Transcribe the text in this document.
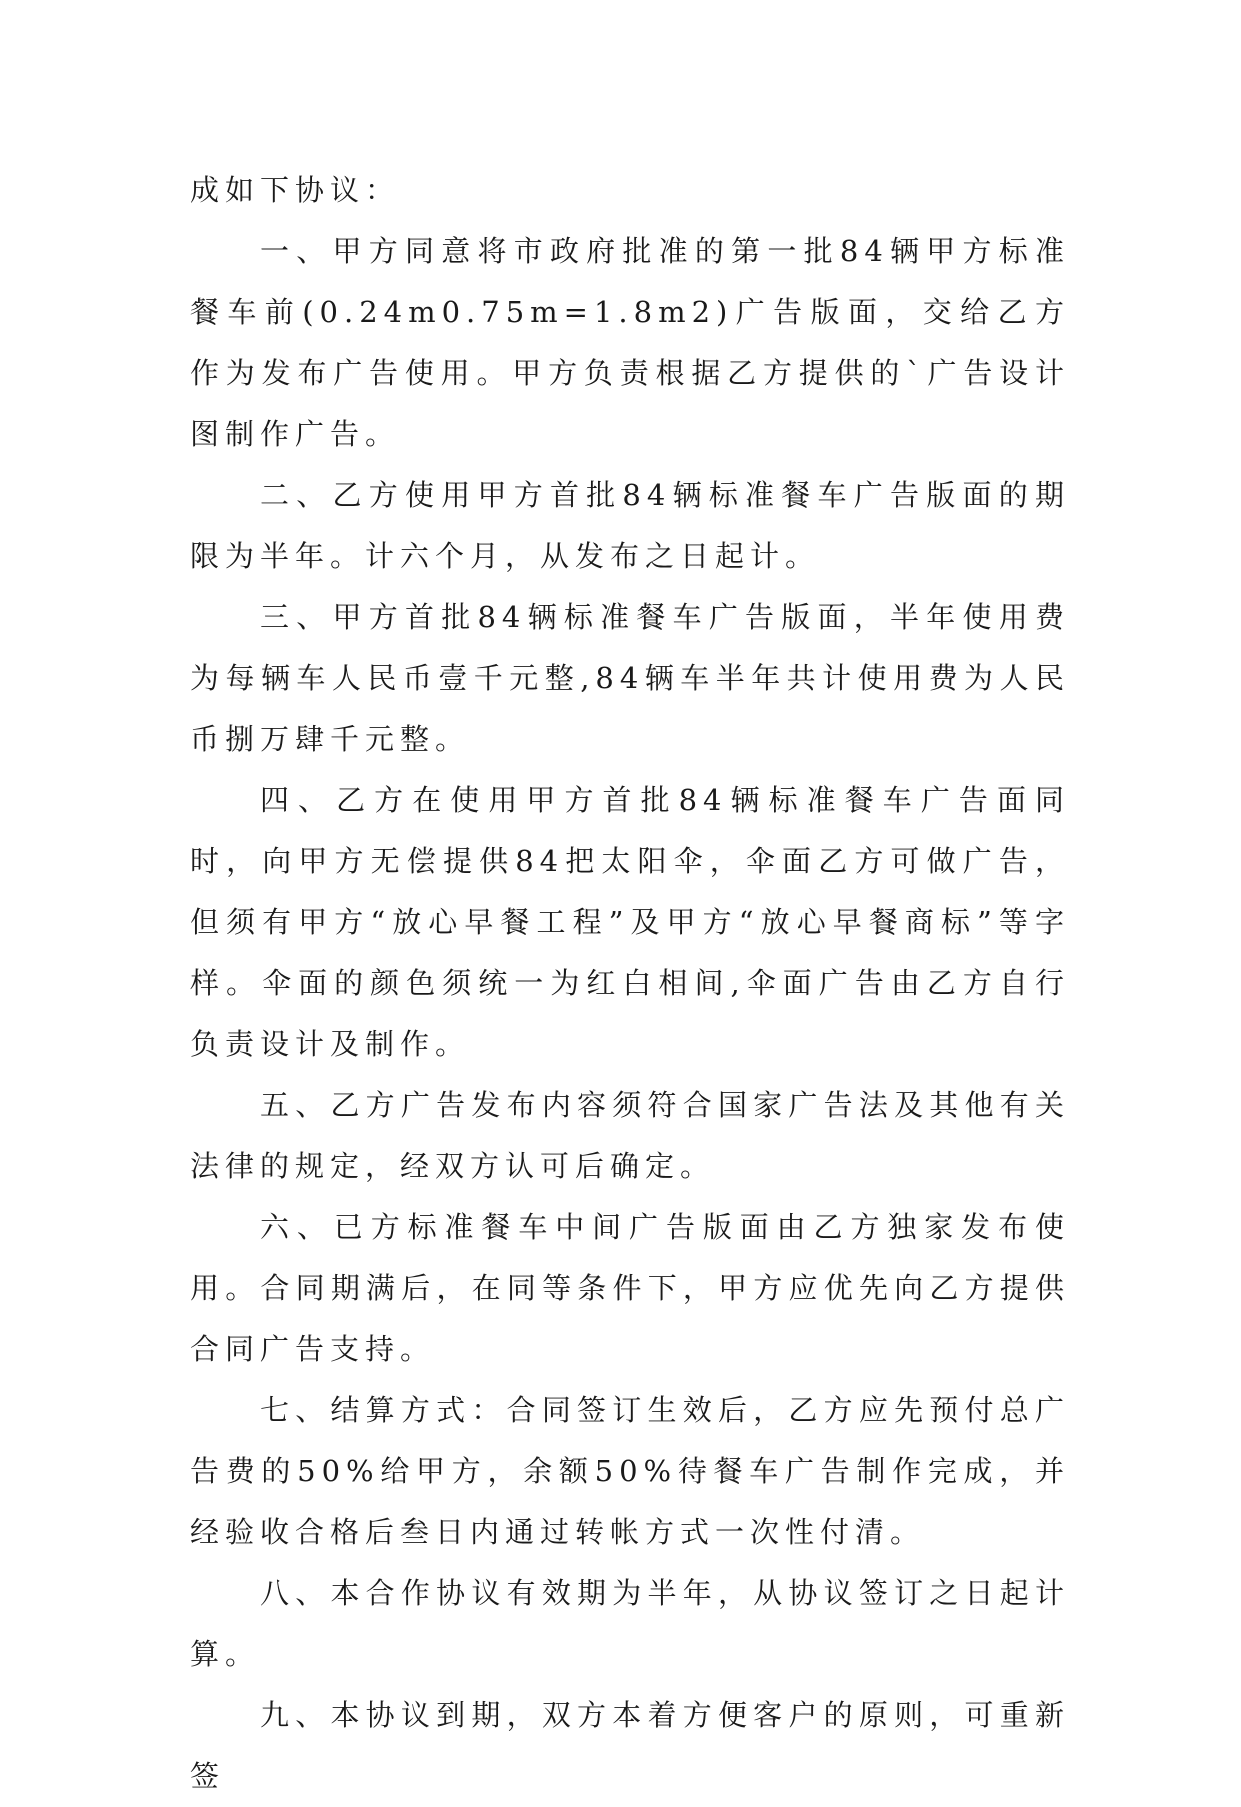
成如下协议：

一、甲方同意将市政府批准的第一批84辆甲方标准餐车前(0.24m0.75m=1.8m2)广告版面，交给乙方作为发布广告使用。甲方负责根据乙方提供的`广告设计图制作广告。

二、乙方使用甲方首批84辆标准餐车广告版面的期限为半年。计六个月，从发布之日起计。

三、甲方首批84辆标准餐车广告版面，半年使用费为每辆车人民币壹千元整,84辆车半年共计使用费为人民币捌万肆千元整。

四、乙方在使用甲方首批84辆标准餐车广告面同时，向甲方无偿提供84把太阳伞，伞面乙方可做广告，但须有甲方“放心早餐工程”及甲方“放心早餐商标”等字样。伞面的颜色须统一为红白相间,伞面广告由乙方自行负责设计及制作。

五、乙方广告发布内容须符合国家广告法及其他有关法律的规定，经双方认可后确定。

六、已方标准餐车中间广告版面由乙方独家发布使用。合同期满后，在同等条件下，甲方应优先向乙方提供合同广告支持。

七、结算方式：合同签订生效后，乙方应先预付总广告费的50%给甲方，余额50%待餐车广告制作完成，并经验收合格后叁日内通过转帐方式一次性付清。

八、本合作协议有效期为半年，从协议签订之日起计算。

九、本协议到期，双方本着方便客户的原则，可重新签
